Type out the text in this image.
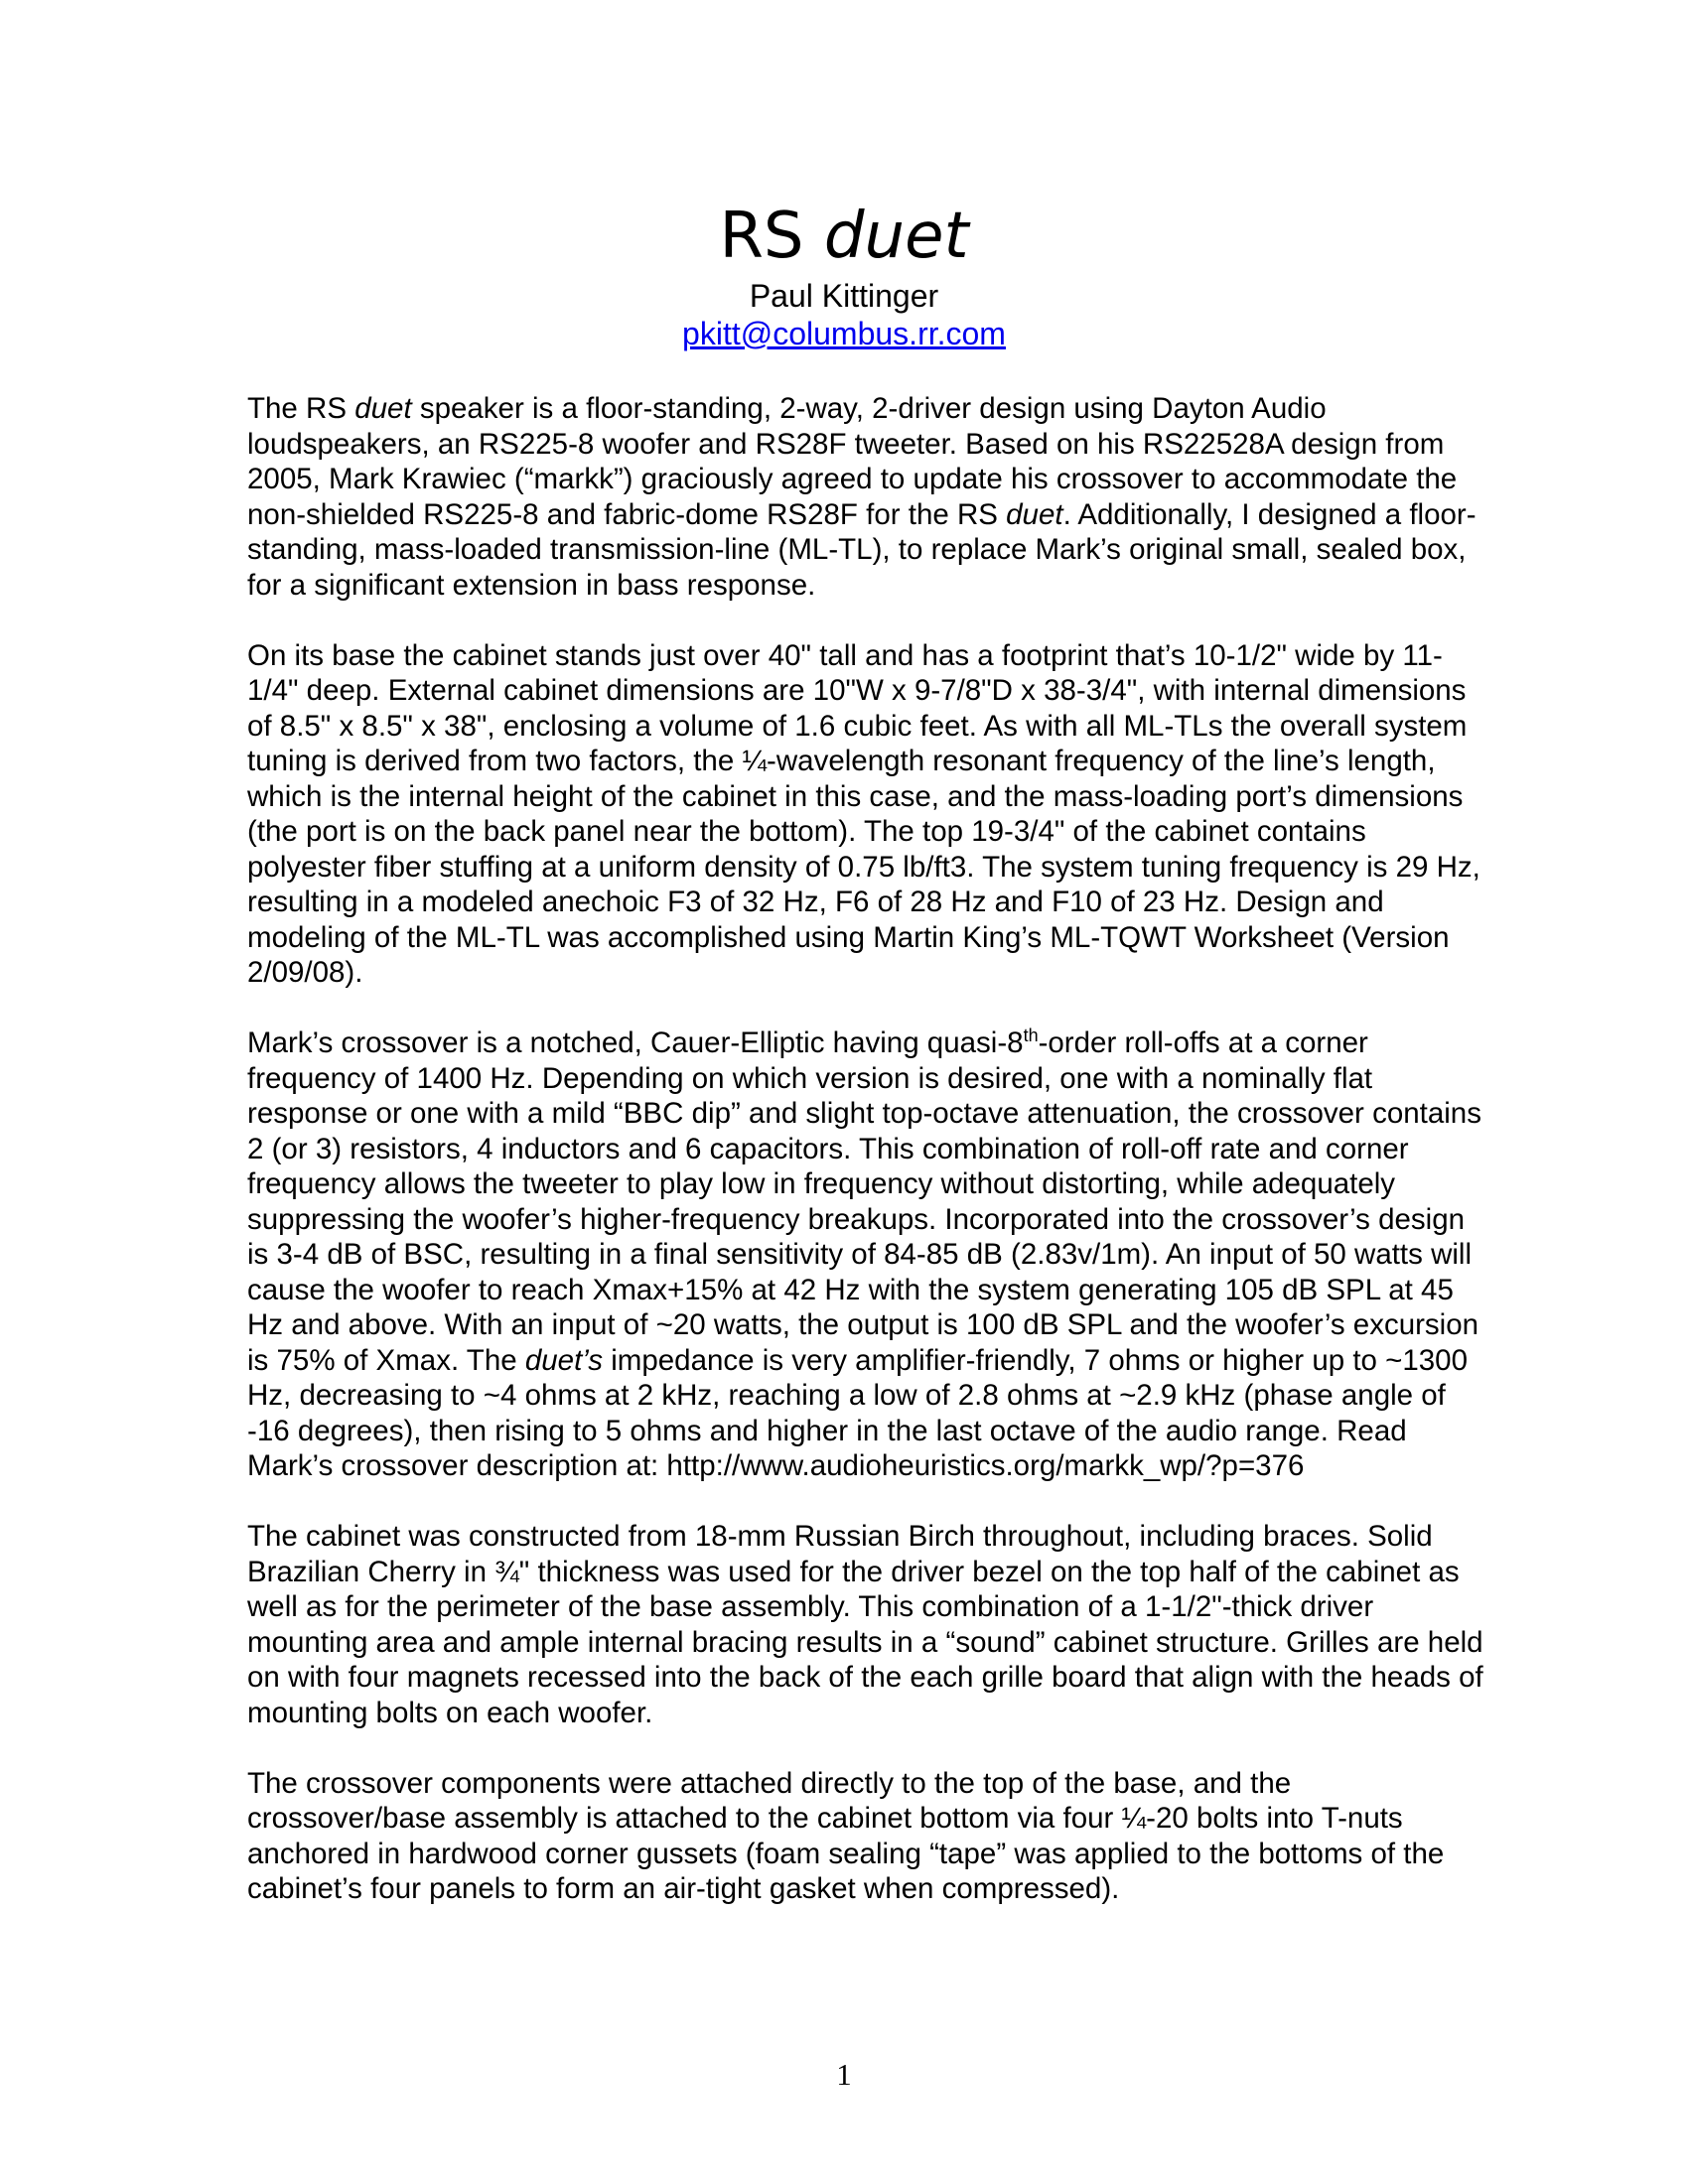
RS duet
Paul Kittinger
pkitt@columbus.rr.com

The RS duet speaker is a floor-standing, 2-way, 2-driver design using Dayton Audio loudspeakers, an RS225-8 woofer and RS28F tweeter. Based on his RS22528A design from 2005, Mark Krawiec (“markk”) graciously agreed to update his crossover to accommodate the non-shielded RS225-8 and fabric-dome RS28F for the RS duet. Additionally, I designed a floor-standing, mass-loaded transmission-line (ML-TL), to replace Mark’s original small, sealed box, for a significant extension in bass response.

On its base the cabinet stands just over 40" tall and has a footprint that’s 10-1/2" wide by 11-1/4" deep. External cabinet dimensions are 10"W x 9-7/8"D x 38-3/4", with internal dimensions of 8.5" x 8.5" x 38", enclosing a volume of 1.6 cubic feet. As with all ML-TLs the overall system tuning is derived from two factors, the ¼-wavelength resonant frequency of the line’s length, which is the internal height of the cabinet in this case, and the mass-loading port’s dimensions (the port is on the back panel near the bottom). The top 19-3/4" of the cabinet contains polyester fiber stuffing at a uniform density of 0.75 lb/ft3. The system tuning frequency is 29 Hz, resulting in a modeled anechoic F3 of 32 Hz, F6 of 28 Hz and F10 of 23 Hz. Design and modeling of the ML-TL was accomplished using Martin King’s ML-TQWT Worksheet (Version 2/09/08).

Mark’s crossover is a notched, Cauer-Elliptic having quasi-8th-order roll-offs at a corner frequency of 1400 Hz. Depending on which version is desired, one with a nominally flat response or one with a mild “BBC dip” and slight top-octave attenuation, the crossover contains 2 (or 3) resistors, 4 inductors and 6 capacitors. This combination of roll-off rate and corner frequency allows the tweeter to play low in frequency without distorting, while adequately suppressing the woofer’s higher-frequency breakups. Incorporated into the crossover’s design is 3-4 dB of BSC, resulting in a final sensitivity of 84-85 dB (2.83v/1m). An input of 50 watts will cause the woofer to reach Xmax+15% at 42 Hz with the system generating 105 dB SPL at 45 Hz and above. With an input of ~20 watts, the output is 100 dB SPL and the woofer’s excursion is 75% of Xmax. The duet’s impedance is very amplifier-friendly, 7 ohms or higher up to ~1300 Hz, decreasing to ~4 ohms at 2 kHz, reaching a low of 2.8 ohms at ~2.9 kHz (phase angle of -16 degrees), then rising to 5 ohms and higher in the last octave of the audio range. Read Mark’s crossover description at: http://www.audioheuristics.org/markk_wp/?p=376

The cabinet was constructed from 18-mm Russian Birch throughout, including braces. Solid Brazilian Cherry in ¾" thickness was used for the driver bezel on the top half of the cabinet as well as for the perimeter of the base assembly. This combination of a 1-1/2"-thick driver mounting area and ample internal bracing results in a “sound” cabinet structure. Grilles are held on with four magnets recessed into the back of the each grille board that align with the heads of mounting bolts on each woofer.

The crossover components were attached directly to the top of the base, and the crossover/base assembly is attached to the cabinet bottom via four ¼-20 bolts into T-nuts anchored in hardwood corner gussets (foam sealing “tape” was applied to the bottoms of the cabinet’s four panels to form an air-tight gasket when compressed).

1
